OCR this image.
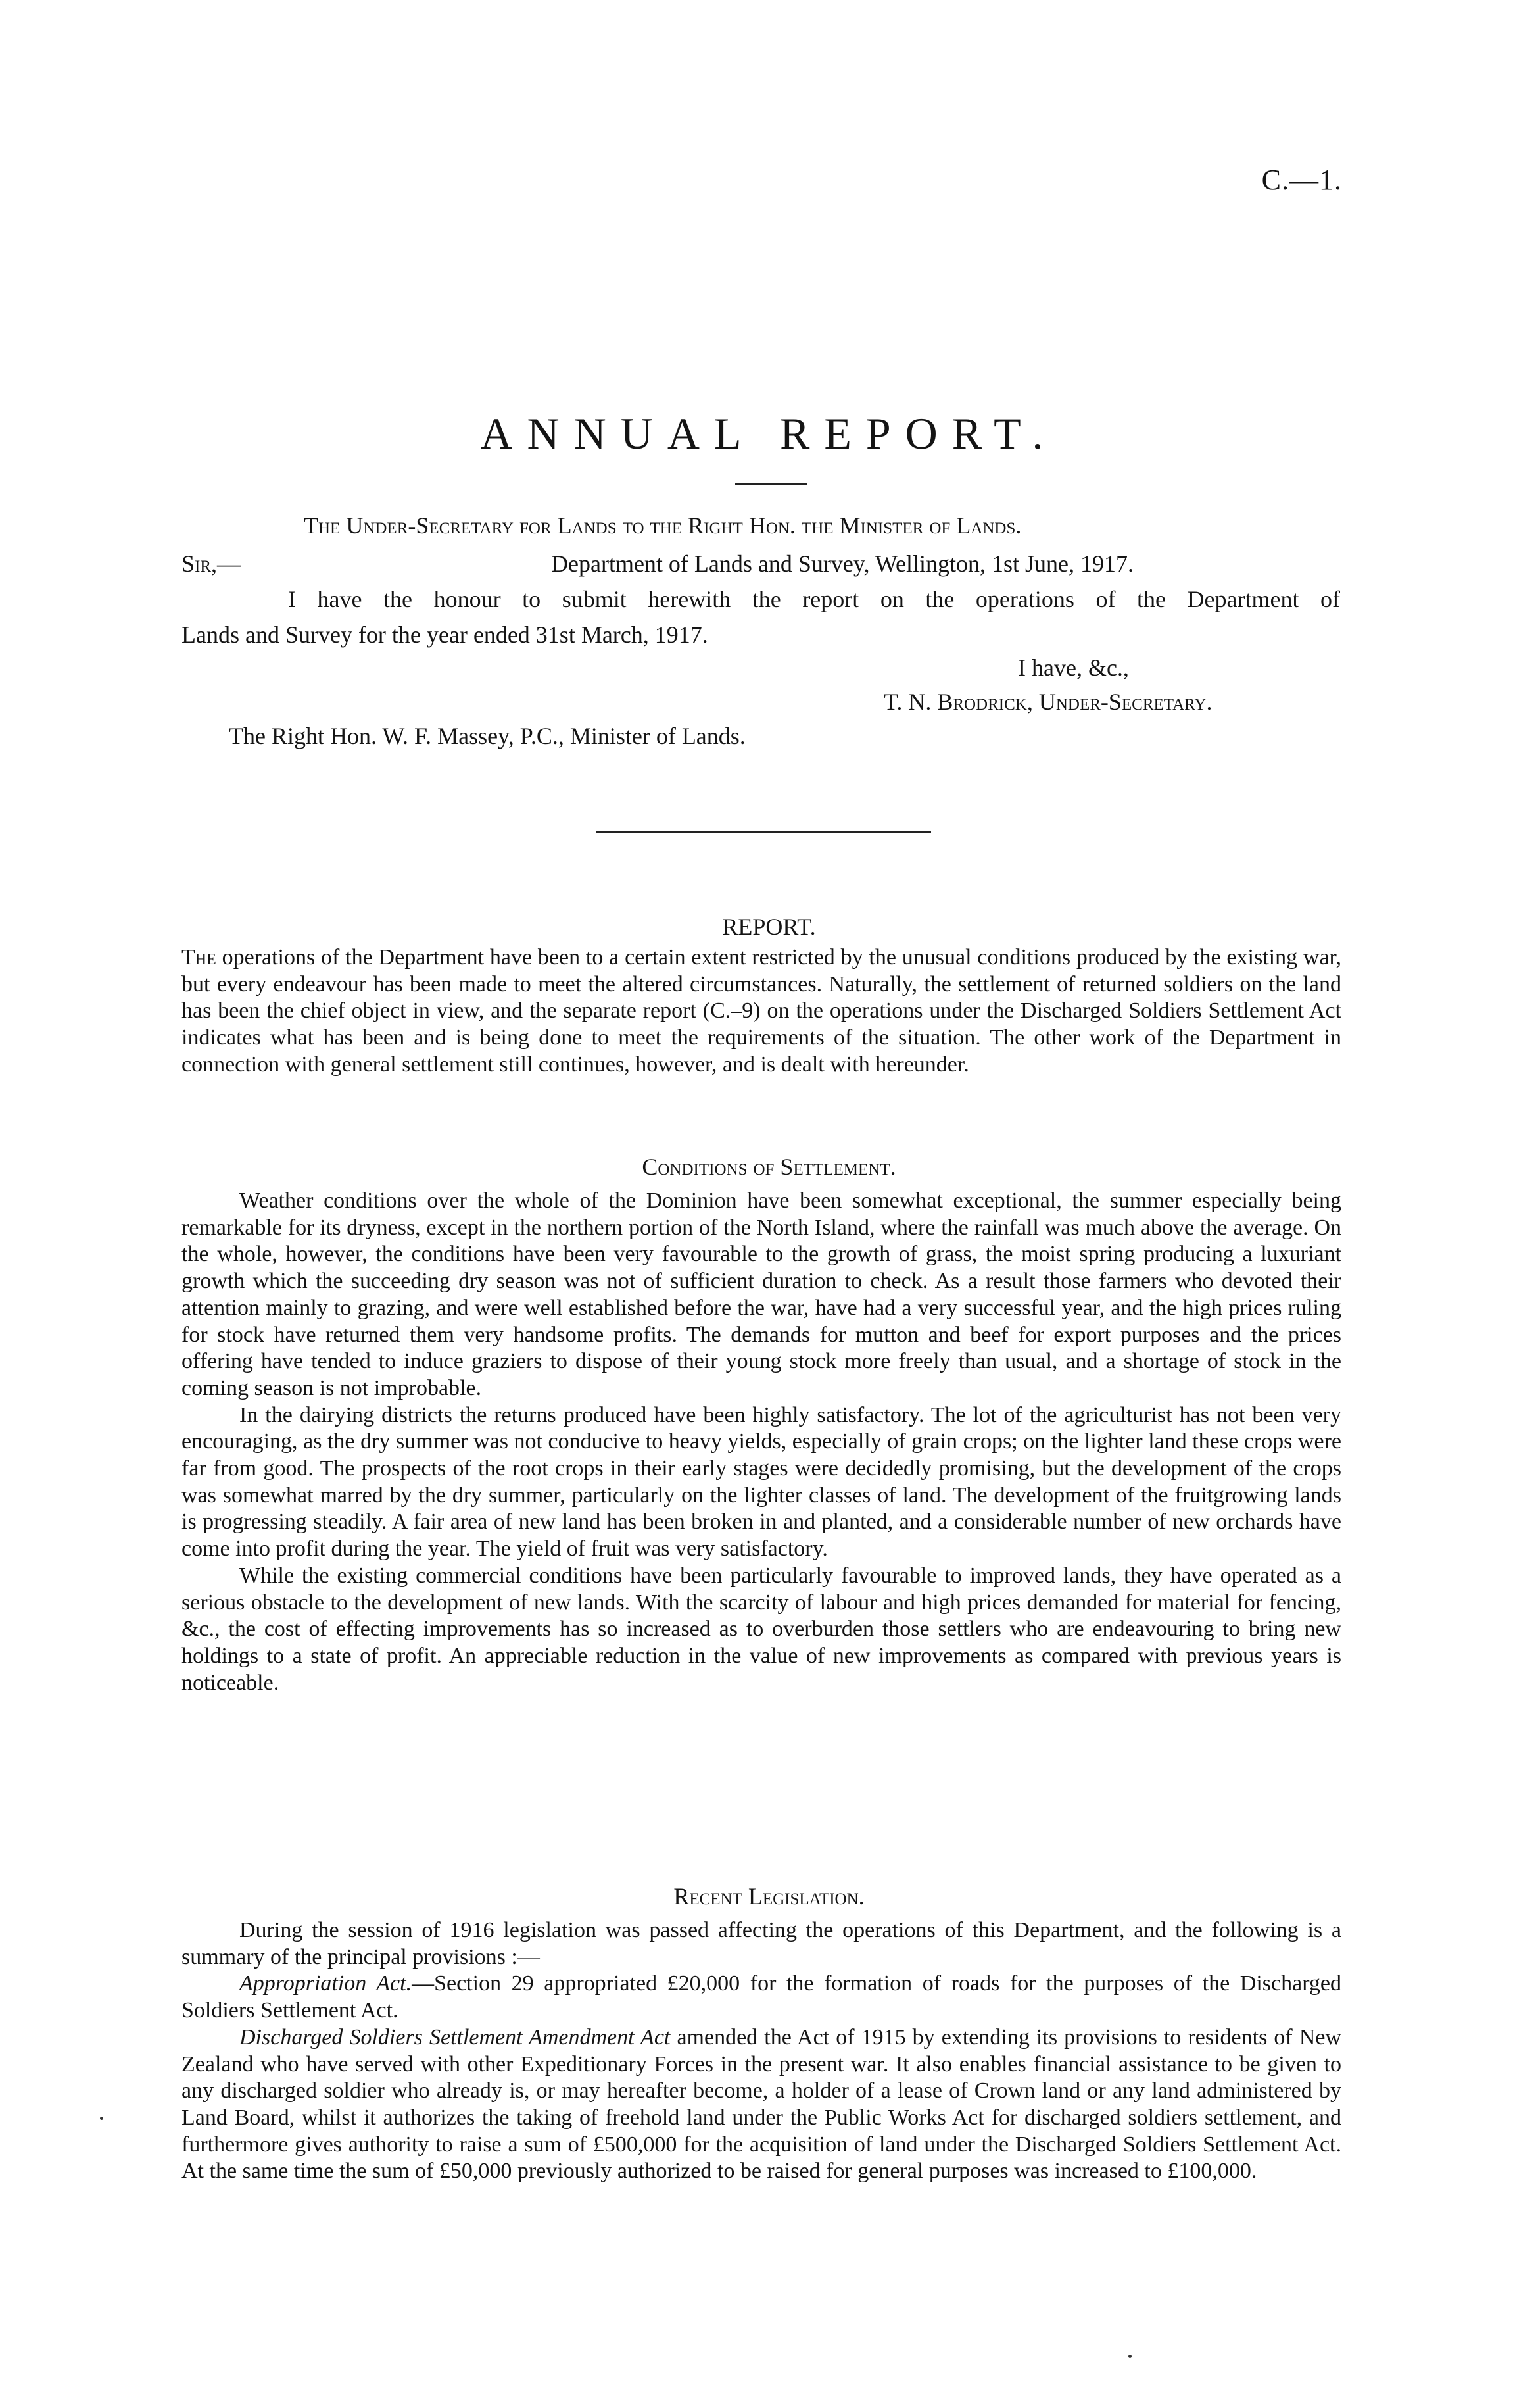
C.—1.
ANNUAL REPORT.
The Under-Secretary for Lands to the Right Hon. the Minister of Lands.
Sir,—	Department of Lands and Survey, Wellington, 1st June, 1917.
I have the honour to submit herewith the report on the operations of the Department of
Lands and Survey for the year ended 31st March, 1917.
I have, &c.,
T. N. Brodrick, Under-Secretary.
The Right Hon. W. F. Massey, P.C., Minister of Lands.
REPORT.

The operations of the Department have been to a certain extent restricted by the unusual conditions produced by the existing war, but every endeavour has been made to meet the altered circumstances. Naturally, the settlement of returned soldiers on the land has been the chief object in view, and the separate report (C.–9) on the operations under the Discharged Soldiers Settlement Act indicates what has been and is being done to meet the requirements of the situation. The other work of the Department in connection with general settlement still continues, however, and is dealt with hereunder.

Conditions of Settlement.

Weather conditions over the whole of the Dominion have been somewhat exceptional, the summer especially being remarkable for its dryness, except in the northern portion of the North Island, where the rainfall was much above the average. On the whole, however, the conditions have been very favourable to the growth of grass, the moist spring producing a luxuriant growth which the succeeding dry season was not of sufficient duration to check. As a result those farmers who devoted their attention mainly to grazing, and were well established before the war, have had a very successful year, and the high prices ruling for stock have returned them very handsome profits. The demands for mutton and beef for export purposes and the prices offering have tended to induce graziers to dispose of their young stock more freely than usual, and a shortage of stock in the coming season is not improbable.

In the dairying districts the returns produced have been highly satisfactory. The lot of the agriculturist has not been very encouraging, as the dry summer was not conducive to heavy yields, especially of grain crops; on the lighter land these crops were far from good. The prospects of the root crops in their early stages were decidedly promising, but the development of the crops was somewhat marred by the dry summer, particularly on the lighter classes of land. The development of the fruitgrowing lands is progressing steadily. A fair area of new land has been broken in and planted, and a considerable number of new orchards have come into profit during the year. The yield of fruit was very satisfactory.

While the existing commercial conditions have been particularly favourable to improved lands, they have operated as a serious obstacle to the development of new lands. With the scarcity of labour and high prices demanded for material for fencing, &c., the cost of effecting improvements has so increased as to overburden those settlers who are endeavouring to bring new holdings to a state of profit. An appreciable reduction in the value of new improvements as compared with previous years is noticeable.

Recent Legislation.

During the session of 1916 legislation was passed affecting the operations of this Department, and the following is a summary of the principal provisions :—

Appropriation Act.—Section 29 appropriated £20,000 for the formation of roads for the purposes of the Discharged Soldiers Settlement Act.

Discharged Soldiers Settlement Amendment Act amended the Act of 1915 by extending its provisions to residents of New Zealand who have served with other Expeditionary Forces in the present war. It also enables financial assistance to be given to any discharged soldier who already is, or may hereafter become, a holder of a lease of Crown land or any land administered by Land Board, whilst it authorizes the taking of freehold land under the Public Works Act for discharged soldiers settlement, and furthermore gives authority to raise a sum of £500,000 for the acquisition of land under the Discharged Soldiers Settlement Act. At the same time the sum of £50,000 previously authorized to be raised for general purposes was increased to £100,000.
